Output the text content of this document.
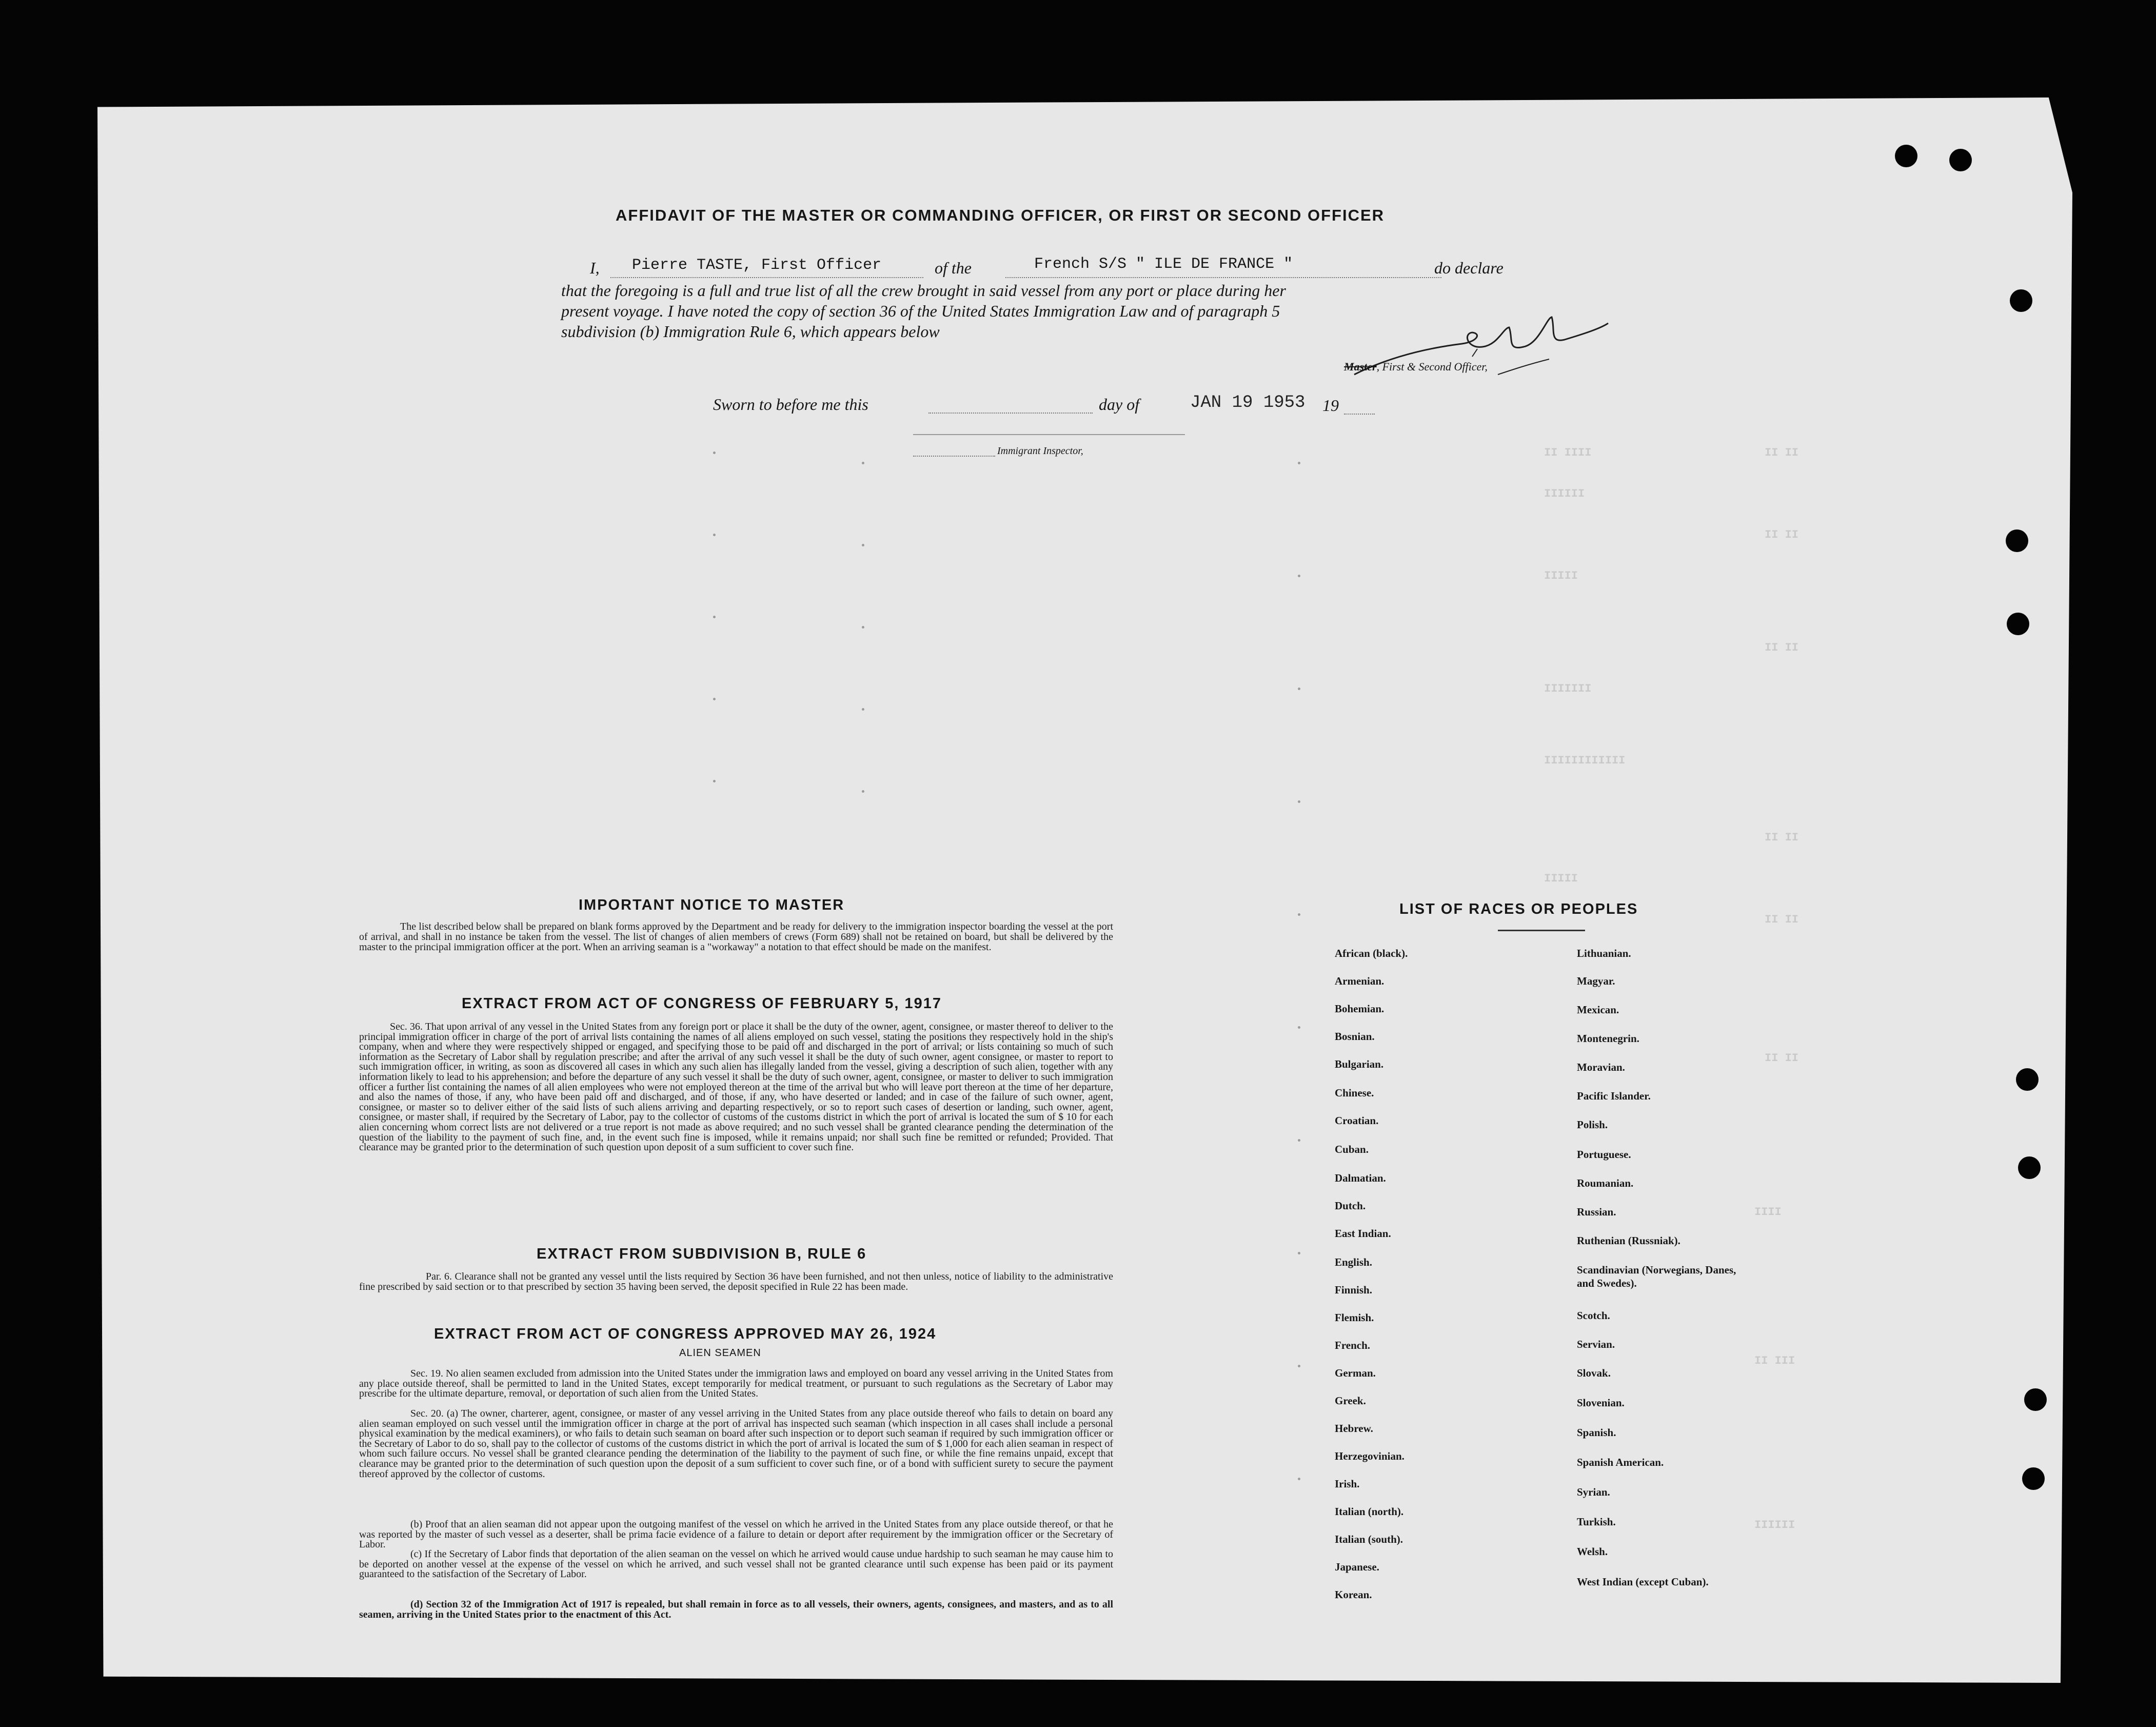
II IIII	II II
IIIIII
II II
IIIII
II II
IIIIIII
IIIIIIIIIIII
II II
IIIII
II II
II II
IIII
II III
IIIIII
AFFIDAVIT OF THE MASTER OR COMMANDING OFFICER, OR FIRST OR SECOND OFFICER
I, Pierre TASTE, First Officer	of the	French S/S " ILE DE FRANCE "	do declare
that the foregoing is a full and true list of all the crew brought in said vessel from any port or place during her
present voyage. I have noted the copy of section 36 of the United States Immigration Law and of paragraph 5
subdivision (b) Immigration Rule 6, which appears below
Master, First & Second Officer,
Sworn to before me this	day of	JAN 19 1953 19
Immigrant Inspector,
IMPORTANT NOTICE TO MASTER

The list described below shall be prepared on blank forms approved by the Department and be ready for delivery to the immigration inspector boarding the vessel at the port of arrival, and shall in no instance be taken from the vessel. The list of changes of alien members of crews (Form 689) shall not be retained on board, but shall be delivered by the master to the principal immigration officer at the port. When an arriving seaman is a "workaway" a notation to that effect should be made on the manifest.

EXTRACT FROM ACT OF CONGRESS OF FEBRUARY 5, 1917

Sec. 36. That upon arrival of any vessel in the United States from any foreign port or place it shall be the duty of the owner, agent, consignee, or master thereof to deliver to the principal immigration officer in charge of the port of arrival lists containing the names of all aliens employed on such vessel, stating the positions they respectively hold in the ship's company, when and where they were respectively shipped or engaged, and specifying those to be paid off and discharged in the port of arrival; or lists containing so much of such information as the Secretary of Labor shall by regulation prescribe; and after the arrival of any such vessel it shall be the duty of such owner, agent consignee, or master to report to such immigration officer, in writing, as soon as discovered all cases in which any such alien has illegally landed from the vessel, giving a description of such alien, together with any information likely to lead to his apprehension; and before the departure of any such vessel it shall be the duty of such owner, agent, consignee, or master to deliver to such immigration officer a further list containing the names of all alien employees who were not employed thereon at the time of the arrival but who will leave port thereon at the time of her departure, and also the names of those, if any, who have been paid off and discharged, and of those, if any, who have deserted or landed; and in case of the failure of such owner, agent, consignee, or master so to deliver either of the said lists of such aliens arriving and departing respectively, or so to report such cases of desertion or landing, such owner, agent, consignee, or master shall, if required by the Secretary of Labor, pay to the collector of customs of the customs district in which the port of arrival is located the sum of $ 10 for each alien concerning whom correct lists are not delivered or a true report is not made as above required; and no such vessel shall be granted clearance pending the determination of the question of the liability to the payment of such fine, and, in the event such fine is imposed, while it remains unpaid; nor shall such fine be remitted or refunded; Provided. That clearance may be granted prior to the determination of such question upon deposit of a sum sufficient to cover such fine.

EXTRACT FROM SUBDIVISION B, RULE 6

Par. 6. Clearance shall not be granted any vessel until the lists required by Section 36 have been furnished, and not then unless, notice of liability to the administrative fine prescribed by said section or to that prescribed by section 35 having been served, the deposit specified in Rule 22 has been made.

EXTRACT FROM ACT OF CONGRESS APPROVED MAY 26, 1924
ALIEN SEAMEN

Sec. 19. No alien seamen excluded from admission into the United States under the immigration laws and employed on board any vessel arriving in the United States from any place outside thereof, shall be permitted to land in the United States, except temporarily for medical treatment, or pursuant to such regulations as the Secretary of Labor may prescribe for the ultimate departure, removal, or deportation of such alien from the United States.

Sec. 20. (a) The owner, charterer, agent, consignee, or master of any vessel arriving in the United States from any place outside thereof who fails to detain on board any alien seaman employed on such vessel until the immigration officer in charge at the port of arrival has inspected such seaman (which inspection in all cases shall include a personal physical examination by the medical examiners), or who fails to detain such seaman on board after such inspection or to deport such seaman if required by such immigration officer or the Secretary of Labor to do so, shall pay to the collector of customs of the customs district in which the port of arrival is located the sum of $ 1,000 for each alien seaman in respect of whom such failure occurs. No vessel shall be granted clearance pending the determination of the liability to the payment of such fine, or while the fine remains unpaid, except that clearance may be granted prior to the determination of such question upon the deposit of a sum sufficient to cover such fine, or of a bond with sufficient surety to secure the payment thereof approved by the collector of customs.

(b) Proof that an alien seaman did not appear upon the outgoing manifest of the vessel on which he arrived in the United States from any place outside thereof, or that he was reported by the master of such vessel as a deserter, shall be prima facie evidence of a failure to detain or deport after requirement by the immigration officer or the Secretary of Labor.

(c) If the Secretary of Labor finds that deportation of the alien seaman on the vessel on which he arrived would cause undue hardship to such seaman he may cause him to be deported on another vessel at the expense of the vessel on which he arrived, and such vessel shall not be granted clearance until such expense has been paid or its payment guaranteed to the satisfaction of the Secretary of Labor.

(d) Section 32 of the Immigration Act of 1917 is repealed, but shall remain in force as to all vessels, their owners, agents, consignees, and masters, and as to all seamen, arriving in the United States prior to the enactment of this Act.

LIST OF RACES OR PEOPLES
African (black).
Armenian.
Bohemian.
Bosnian.
Bulgarian.
Chinese.
Croatian.
Cuban.
Dalmatian.
Dutch.
East Indian.
English.
Finnish.
Flemish.
French.
German.
Greek.
Hebrew.
Herzegovinian.
Irish.
Italian (north).
Italian (south).
Japanese.
Korean.
Lithuanian.
Magyar.
Mexican.
Montenegrin.
Moravian.
Pacific Islander.
Polish.
Portuguese.
Roumanian.
Russian.
Ruthenian (Russniak).
Scandinavian (Norwegians, Danes, and Swedes).
Scotch.
Servian.
Slovak.
Slovenian.
Spanish.
Spanish American.
Syrian.
Turkish.
Welsh.
West Indian (except Cuban).
